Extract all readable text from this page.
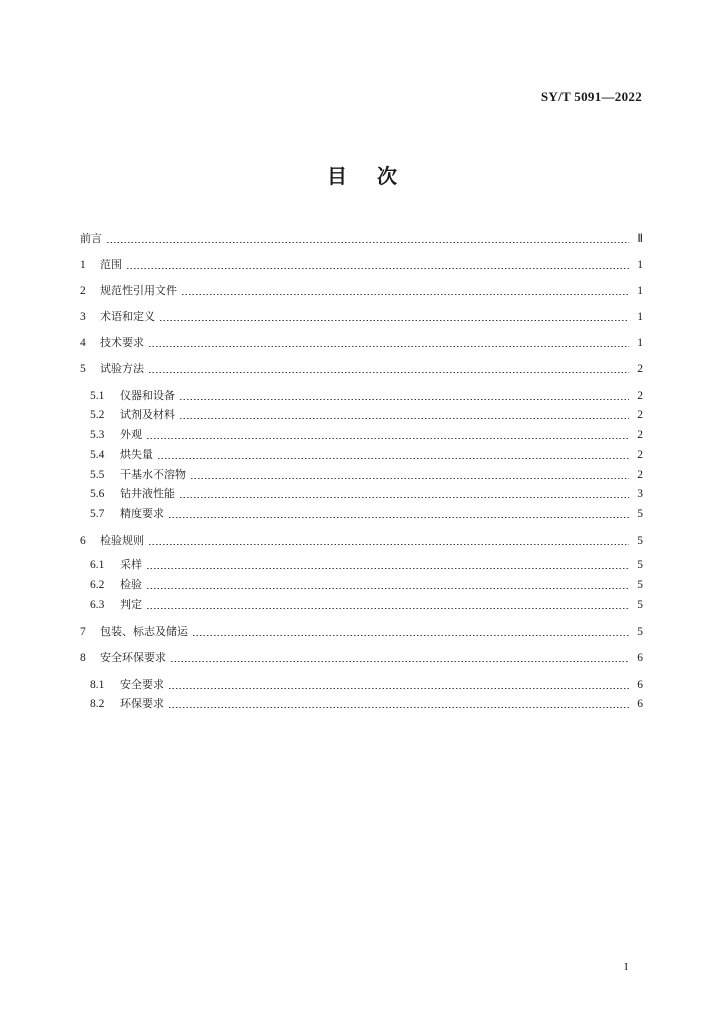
SY/T 5091—2022
目 次
前言	Ⅱ
1	范围	1
2	规范性引用文件	1
3	术语和定义	1
4	技术要求	1
5	试验方法	2
5.1	仪器和设备	2
5.2	试剂及材料	2
5.3	外观	2
5.4	烘失量	2
5.5	干基水不溶物	2
5.6	钻井液性能	3
5.7	精度要求	5
6	检验规则	5
6.1	采样	5
6.2	检验	5
6.3	判定	5
7	包装、标志及储运	5
8	安全环保要求	6
8.1	安全要求	6
8.2	环保要求	6
I
